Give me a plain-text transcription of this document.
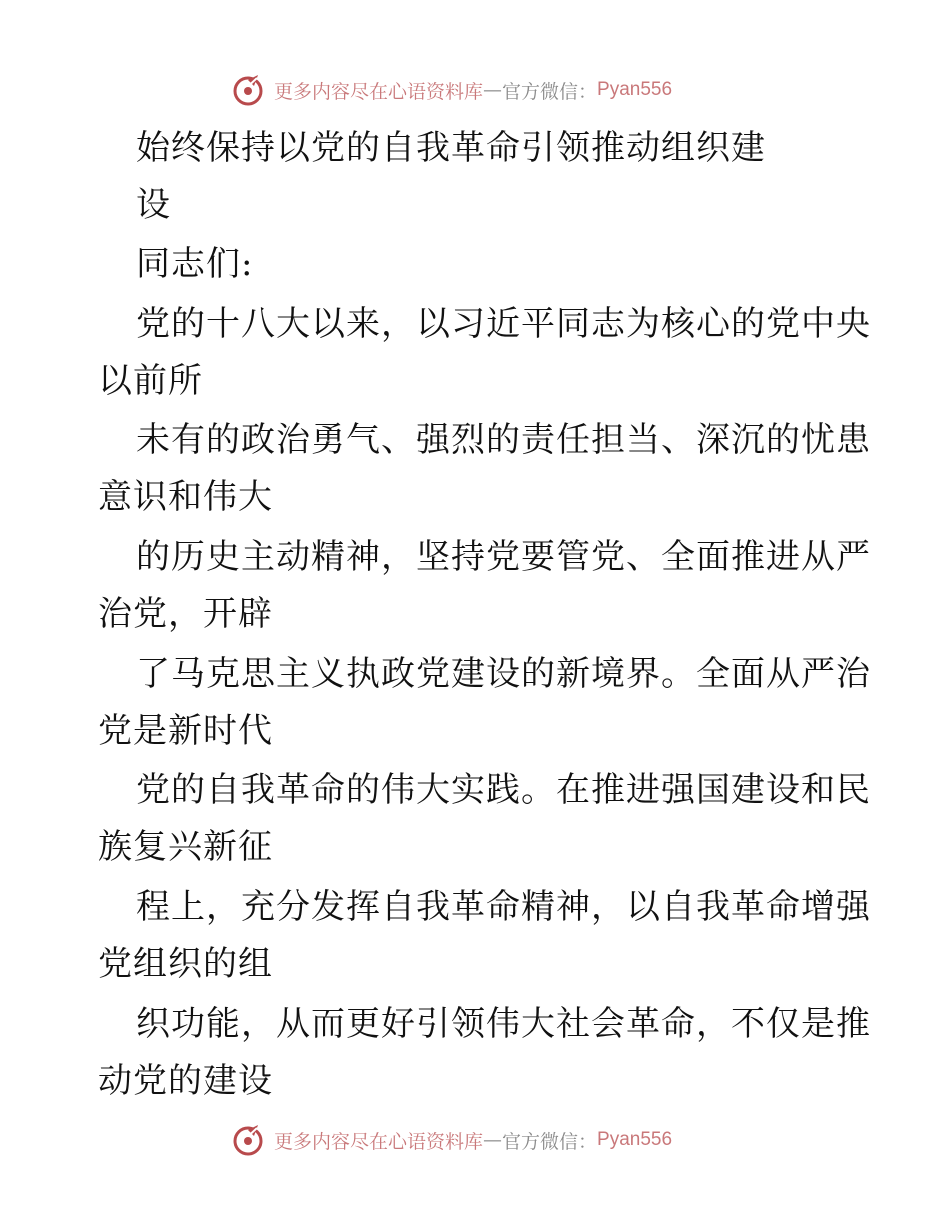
更多内容尽在心语资料库 — 官方微信： Pyan556
始终保持以党的自我革命引领推动组织建
设
同志们:
党的十八大以来，以习近平同志为核心的党中央
以前所
未有的政治勇气、强烈的责任担当、深沉的忧患
意识和伟大
的历史主动精神，坚持党要管党、全面推进从严
治党，开辟
了马克思主义执政党建设的新境界。全面从严治
党是新时代
党的自我革命的伟大实践。在推进强国建设和民
族复兴新征
程上，充分发挥自我革命精神，以自我革命增强
党组织的组
织功能，从而更好引领伟大社会革命，不仅是推
动党的建设
更多内容尽在心语资料库 — 官方微信： Pyan556
